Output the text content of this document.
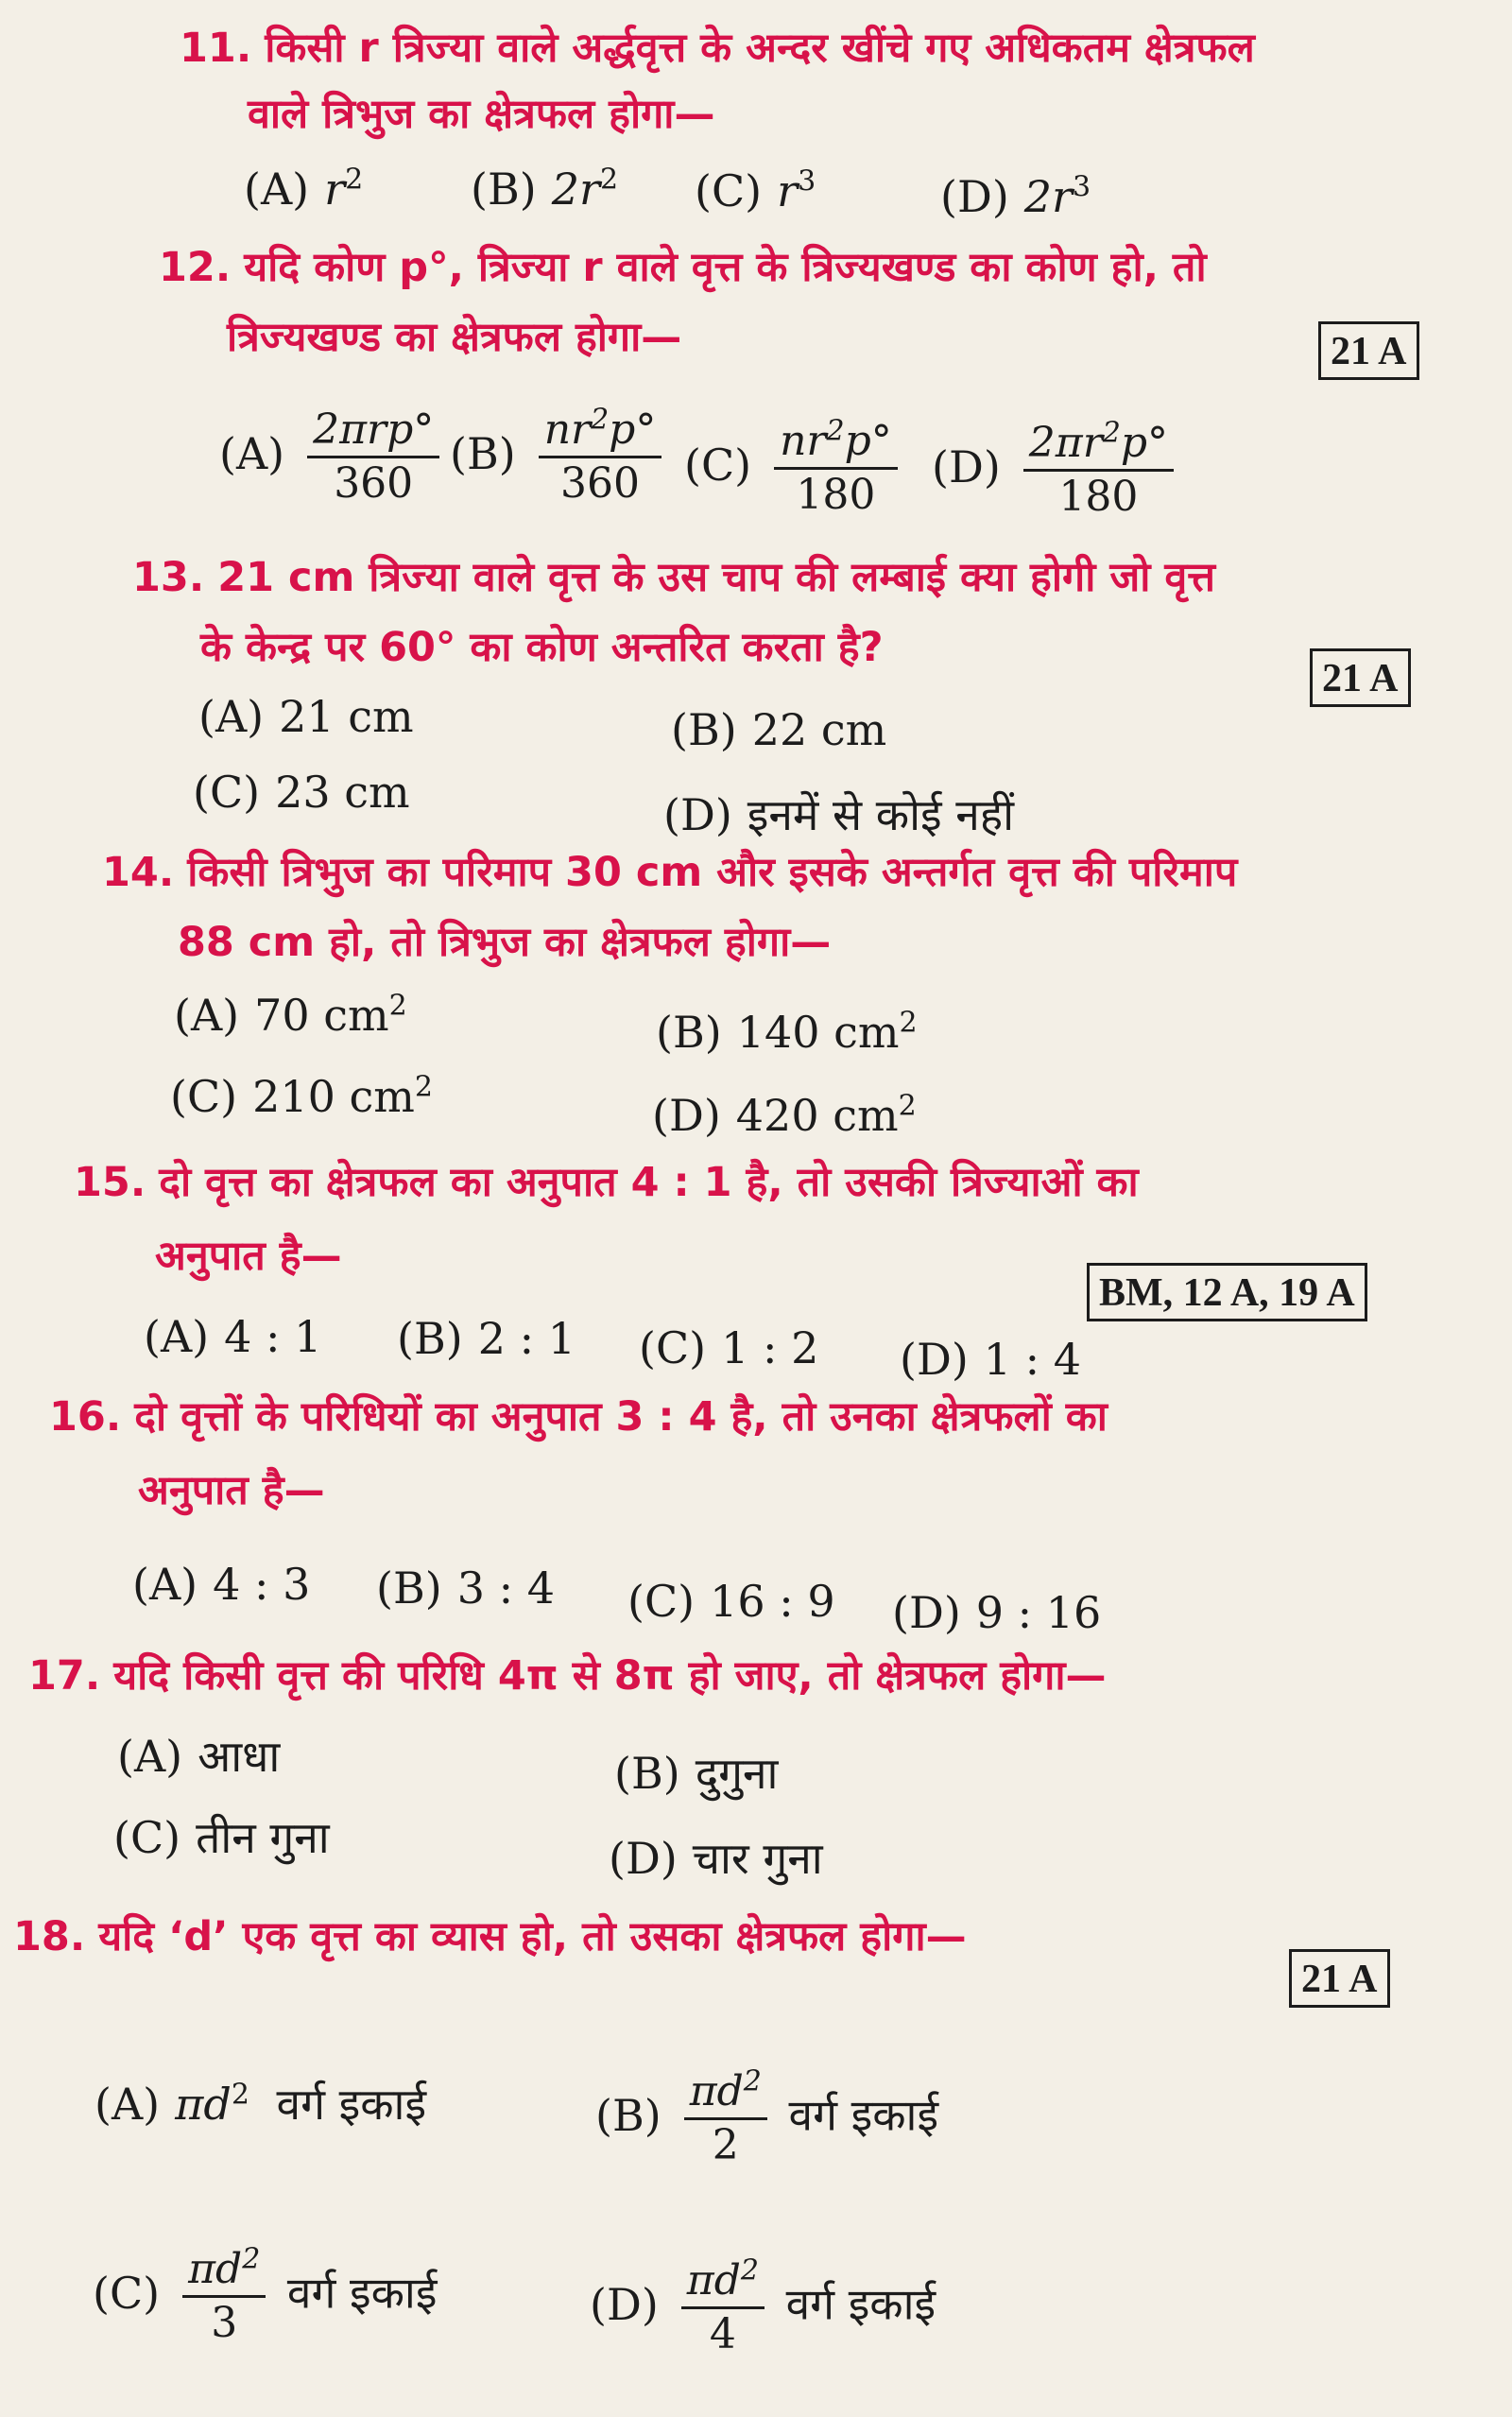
11. किसी r त्रिज्या वाले अर्द्धवृत्त के अन्दर खींचे गए अधिकतम क्षेत्रफल
वाले त्रिभुज का क्षेत्रफल होगा—
(A) $r^2$ (B) $2r^2$ (C) $r^3$	(D) $2r^3$
12. यदि कोण p°, त्रिज्या r वाले वृत्त के त्रिज्यखण्ड का कोण हो, तो
त्रिज्यखण्ड का क्षेत्रफल होगा—	21 A
$(A) \frac{\text{2πrp°}}{360} (B) \frac{nr^2p^\circ}{360} (C) \frac{nr^2p^\circ}{180} (D) \frac{2\pi r^2p^\circ}{180}$
13. 21 cm त्रिज्या वाले वृत्त के उस चाप की लम्बाई क्या होगी जो वृत्त
के केन्द्र पर 60° का कोण अन्तरित करता है?
21 A
(A) 21 cm	(B) 22 cm
(C) 23 cm	(D) इनमें से कोई नहीं
14. किसी त्रिभुज का परिमाप 30 cm और इसके अन्तर्गत वृत्त की परिमाप
88 cm हो, तो त्रिभुज का क्षेत्रफल होगा—
(A) 70 $cm^2$
(B) 140 $cm^2$
(C) 210 $cm^2$
(D) 420 $cm^2$
15. दो वृत्त का क्षेत्रफल का अनुपात 4 : 1 है, तो उसकी त्रिज्याओं का
अनुपात है—
BM, 12 A, 19 A
(A) 4 : 1 (B) 2 : 1 (C) 1 : 2 (D) 1 : 4
16. दो वृत्तों के परिधियों का अनुपात 3 : 4 है, तो उनका क्षेत्रफलों का
अनुपात है—
(A) 4 : 3 (B) 3 : 4 (C) 16 : 9 (D) 9 : 16
17. यदि किसी वृत्त की परिधि 4π से 8π हो जाए, तो क्षेत्रफल होगा—
(A) आधा	(B) दुगुना
(C) तीन गुना	(D) चार गुना
18. यदि ‘d’ एक वृत्त का व्यास हो, तो उसका क्षेत्रफल होगा—
21 A
(A) $\pi d^2$ वर्ग इकाई	$(B) \frac{\pi d^2}{2}$ वर्ग इकाई
$(C) \frac{\pi d^2}{3}$ वर्ग इकाई	$(D) \frac{\pi d^2}{4}$ वर्ग इकाई
